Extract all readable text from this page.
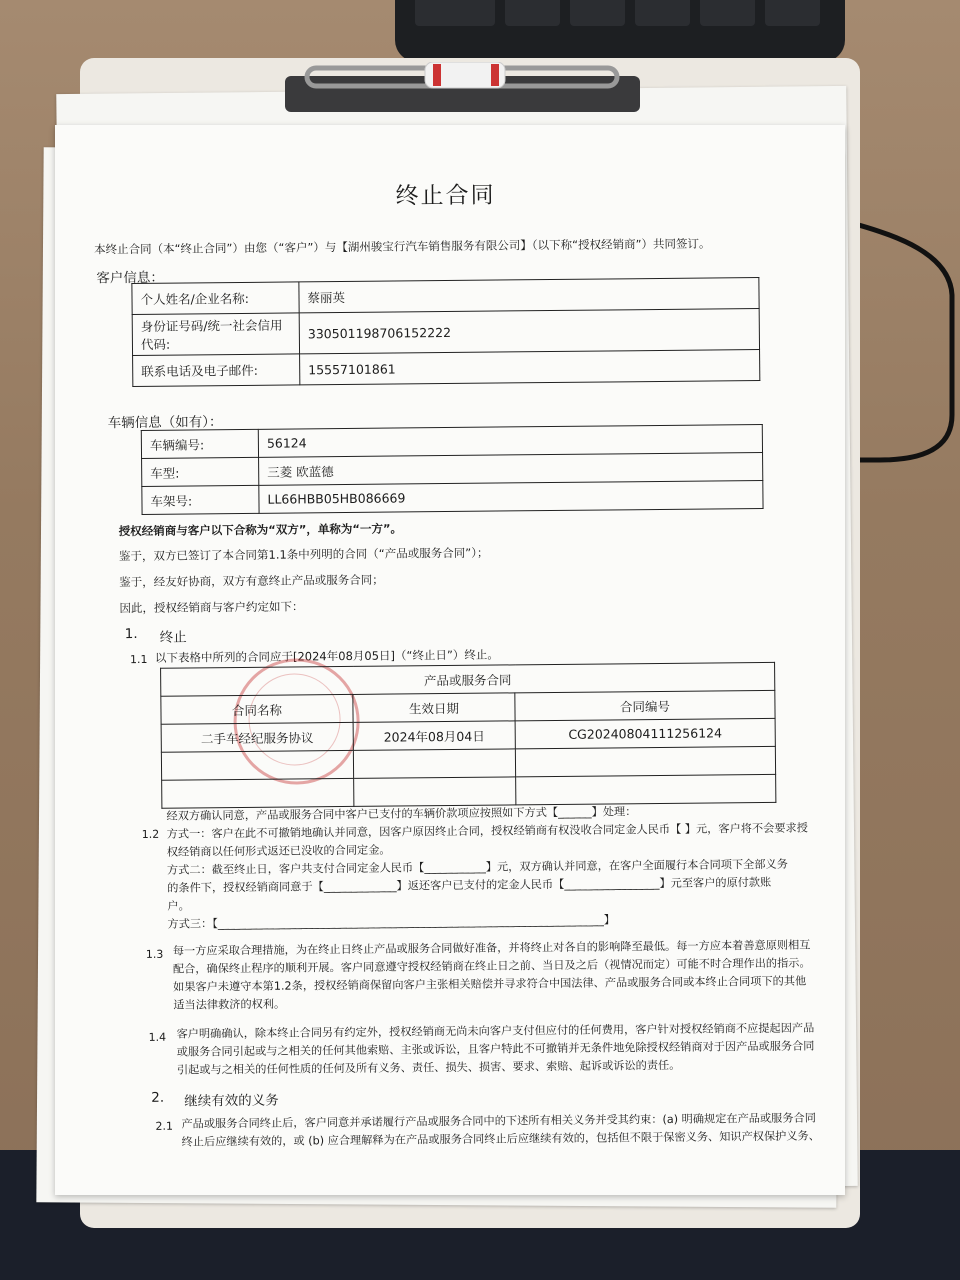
终止合同
本终止合同（本“终止合同”）由您（“客户”）与【湖州骏宝行汽车销售服务有限公司】（以下称“授权经销商”）共同签订。
客户信息：
个人姓名/企业名称:	蔡丽英
身份证号码/统一社会信用代码:	330501198706152222
联系电话及电子邮件:	15557101861
车辆信息（如有）：
车辆编号:	56124
车型:	三菱 欧蓝德
车架号:	LL66HBB05HB086669
授权经销商与客户以下合称为“双方”，单称为“一方”。
鉴于，双方已签订了本合同第1.1条中列明的合同（“产品或服务合同”）；
鉴于，经友好协商，双方有意终止产品或服务合同；
因此，授权经销商与客户约定如下：
1. 终止
1.1 以下表格中所列的合同应于[2024年08月05日]（“终止日”）终止。
产品或服务合同		
合同名称	生效日期	合同编号
二手车经纪服务协议	2024年08月04日	CG20240804111256124

1.2
经双方确认同意，产品或服务合同中客户已支付的车辆价款项应按照如下方式【______】处理：
方式一：客户在此不可撤销地确认并同意，因客户原因终止合同，授权经销商有权没收合同定金人民币【 】元，客户将不会要求授
权经销商以任何形式返还已没收的合同定金。
方式二：截至终止日，客户共支付合同定金人民币【___________】元，双方确认并同意，在客户全面履行本合同项下全部义务
的条件下，授权经销商同意于【_____________】返还客户已支付的定金人民币【_________________】元至客户的原付款账
户。
方式三：【_____________________________________________________________________】
1.3 每一方应采取合理措施，为在终止日终止产品或服务合同做好准备，并将终止对各自的影响降至最低。每一方应本着善意原则相互
配合，确保终止程序的顺利开展。客户同意遵守授权经销商在终止日之前、当日及之后（视情况而定）可能不时合理作出的指示。
如果客户未遵守本第1.2条，授权经销商保留向客户主张相关赔偿并寻求符合中国法律、产品或服务合同或本终止合同项下的其他
适当法律救济的权利。
1.4 客户明确确认，除本终止合同另有约定外，授权经销商无尚未向客户支付但应付的任何费用，客户针对授权经销商不应提起因产品
或服务合同引起或与之相关的任何其他索赔、主张或诉讼，且客户特此不可撤销并无条件地免除授权经销商对于因产品或服务合同
引起或与之相关的任何性质的任何及所有义务、责任、损失、损害、要求、索赔、起诉或诉讼的责任。
2. 继续有效的义务
2.1 产品或服务合同终止后，客户同意并承诺履行产品或服务合同中的下述所有相关义务并受其约束：(a) 明确规定在产品或服务合同
终止后应继续有效的，或 (b) 应合理解释为在产品或服务合同终止后应继续有效的，包括但不限于保密义务、知识产权保护义务、
